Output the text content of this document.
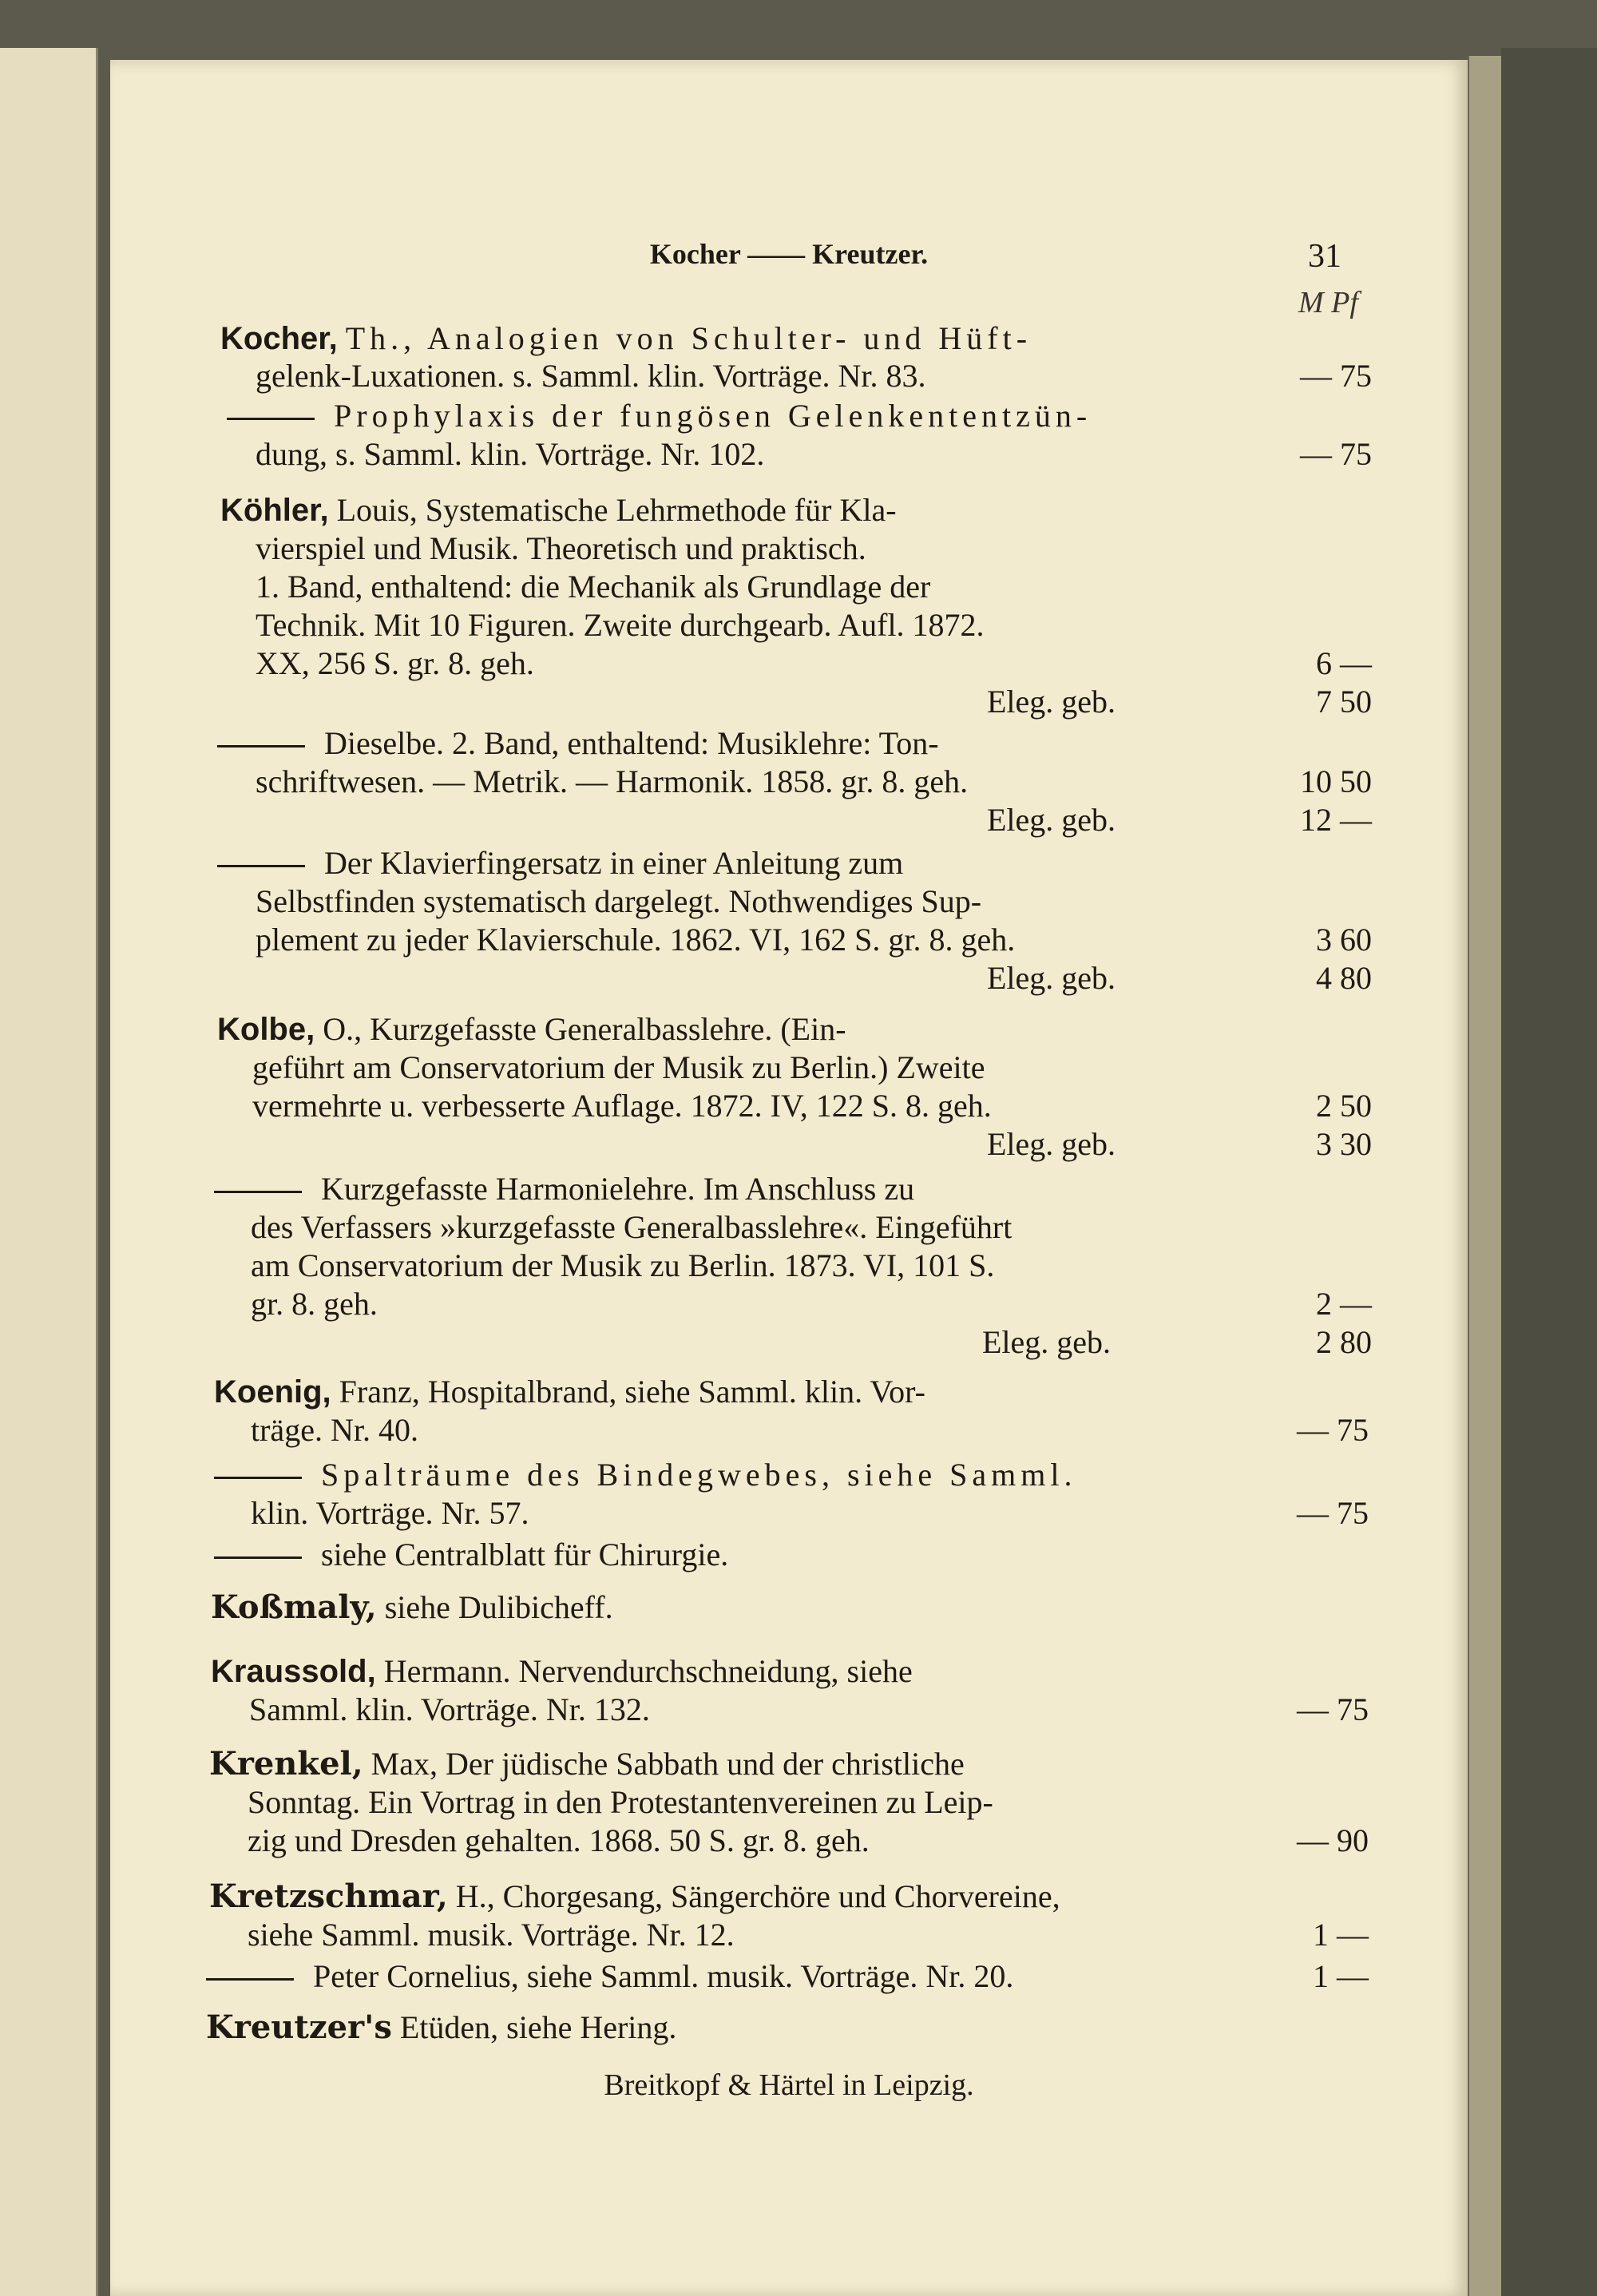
Kocher —— Kreutzer.	31
M Pf
Kocher, Th., Analogien von Schulter- und Hüft-
gelenk-Luxationen. s. Samml. klin. Vorträge. Nr. 83.	— 75
Prophylaxis der fungösen Gelenkententzün-
dung, s. Samml. klin. Vorträge. Nr. 102.	— 75
Köhler, Louis, Systematische Lehrmethode für Kla-
vierspiel und Musik. Theoretisch und praktisch.
1. Band, enthaltend: die Mechanik als Grundlage der
Technik. Mit 10 Figuren. Zweite durchgearb. Aufl. 1872.
XX, 256 S. gr. 8. geh.	6 —
Eleg. geb.	7 50
Dieselbe. 2. Band, enthaltend: Musiklehre: Ton-
schriftwesen. — Metrik. — Harmonik. 1858. gr. 8. geh.	10 50
Eleg. geb.	12 —
Der Klavierfingersatz in einer Anleitung zum
Selbstfinden systematisch dargelegt. Nothwendiges Sup-
plement zu jeder Klavierschule. 1862. VI, 162 S. gr. 8. geh.	3 60
Eleg. geb.	4 80
Kolbe, O., Kurzgefasste Generalbasslehre. (Ein-
geführt am Conservatorium der Musik zu Berlin.) Zweite
vermehrte u. verbesserte Auflage. 1872. IV, 122 S. 8. geh.	2 50
Eleg. geb.	3 30
Kurzgefasste Harmonielehre. Im Anschluss zu
des Verfassers »kurzgefasste Generalbasslehre«. Eingeführt
am Conservatorium der Musik zu Berlin. 1873. VI, 101 S.
gr. 8. geh.	2 —
Eleg. geb.	2 80
Koenig, Franz, Hospitalbrand, siehe Samml. klin. Vor-
träge. Nr. 40.	— 75
Spalträume des Bindegwebes, siehe Samml.
klin. Vorträge. Nr. 57.	— 75
siehe Centralblatt für Chirurgie.
Koßmaly, siehe Dulibicheff.
Kraussold, Hermann. Nervendurchschneidung, siehe
Samml. klin. Vorträge. Nr. 132.	— 75
Krenkel, Max, Der jüdische Sabbath und der christliche
Sonntag. Ein Vortrag in den Protestantenvereinen zu Leip-
zig und Dresden gehalten. 1868. 50 S. gr. 8. geh.	— 90
Kretzschmar, H., Chorgesang, Sängerchöre und Chorvereine,
siehe Samml. musik. Vorträge. Nr. 12.	1 —
Peter Cornelius, siehe Samml. musik. Vorträge. Nr. 20.	1 —
Kreutzer's Etüden, siehe Hering.
Breitkopf & Härtel in Leipzig.
